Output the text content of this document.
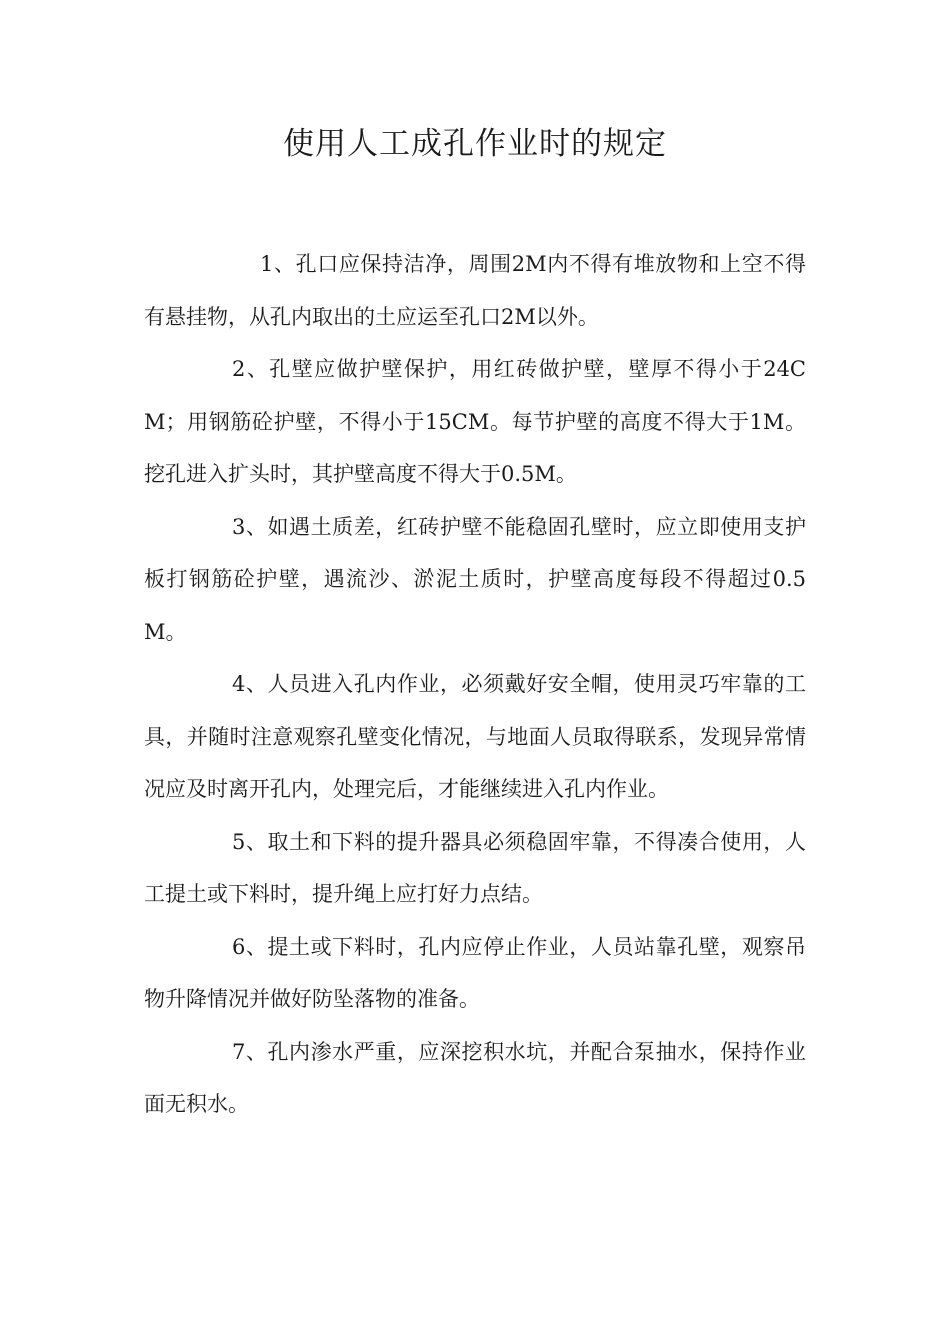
使用人工成孔作业时的规定

1、孔口应保持洁净，周围2M内不得有堆放物和上空不得有悬挂物，从孔内取出的土应运至孔口2M以外。

2、孔壁应做护壁保护，用红砖做护壁，壁厚不得小于24CM；用钢筋砼护壁，不得小于15CM。每节护壁的高度不得大于1M。挖孔进入扩头时，其护壁高度不得大于0.5M。

3、如遇土质差，红砖护壁不能稳固孔壁时，应立即使用支护板打钢筋砼护壁，遇流沙、淤泥土质时，护壁高度每段不得超过0.5M。

4、人员进入孔内作业，必须戴好安全帽，使用灵巧牢靠的工具，并随时注意观察孔壁变化情况，与地面人员取得联系，发现异常情况应及时离开孔内，处理完后，才能继续进入孔内作业。

5、取土和下料的提升器具必须稳固牢靠，不得凑合使用，人工提土或下料时，提升绳上应打好力点结。

6、提土或下料时，孔内应停止作业，人员站靠孔壁，观察吊物升降情况并做好防坠落物的准备。

7、孔内渗水严重，应深挖积水坑，并配合泵抽水，保持作业面无积水。
